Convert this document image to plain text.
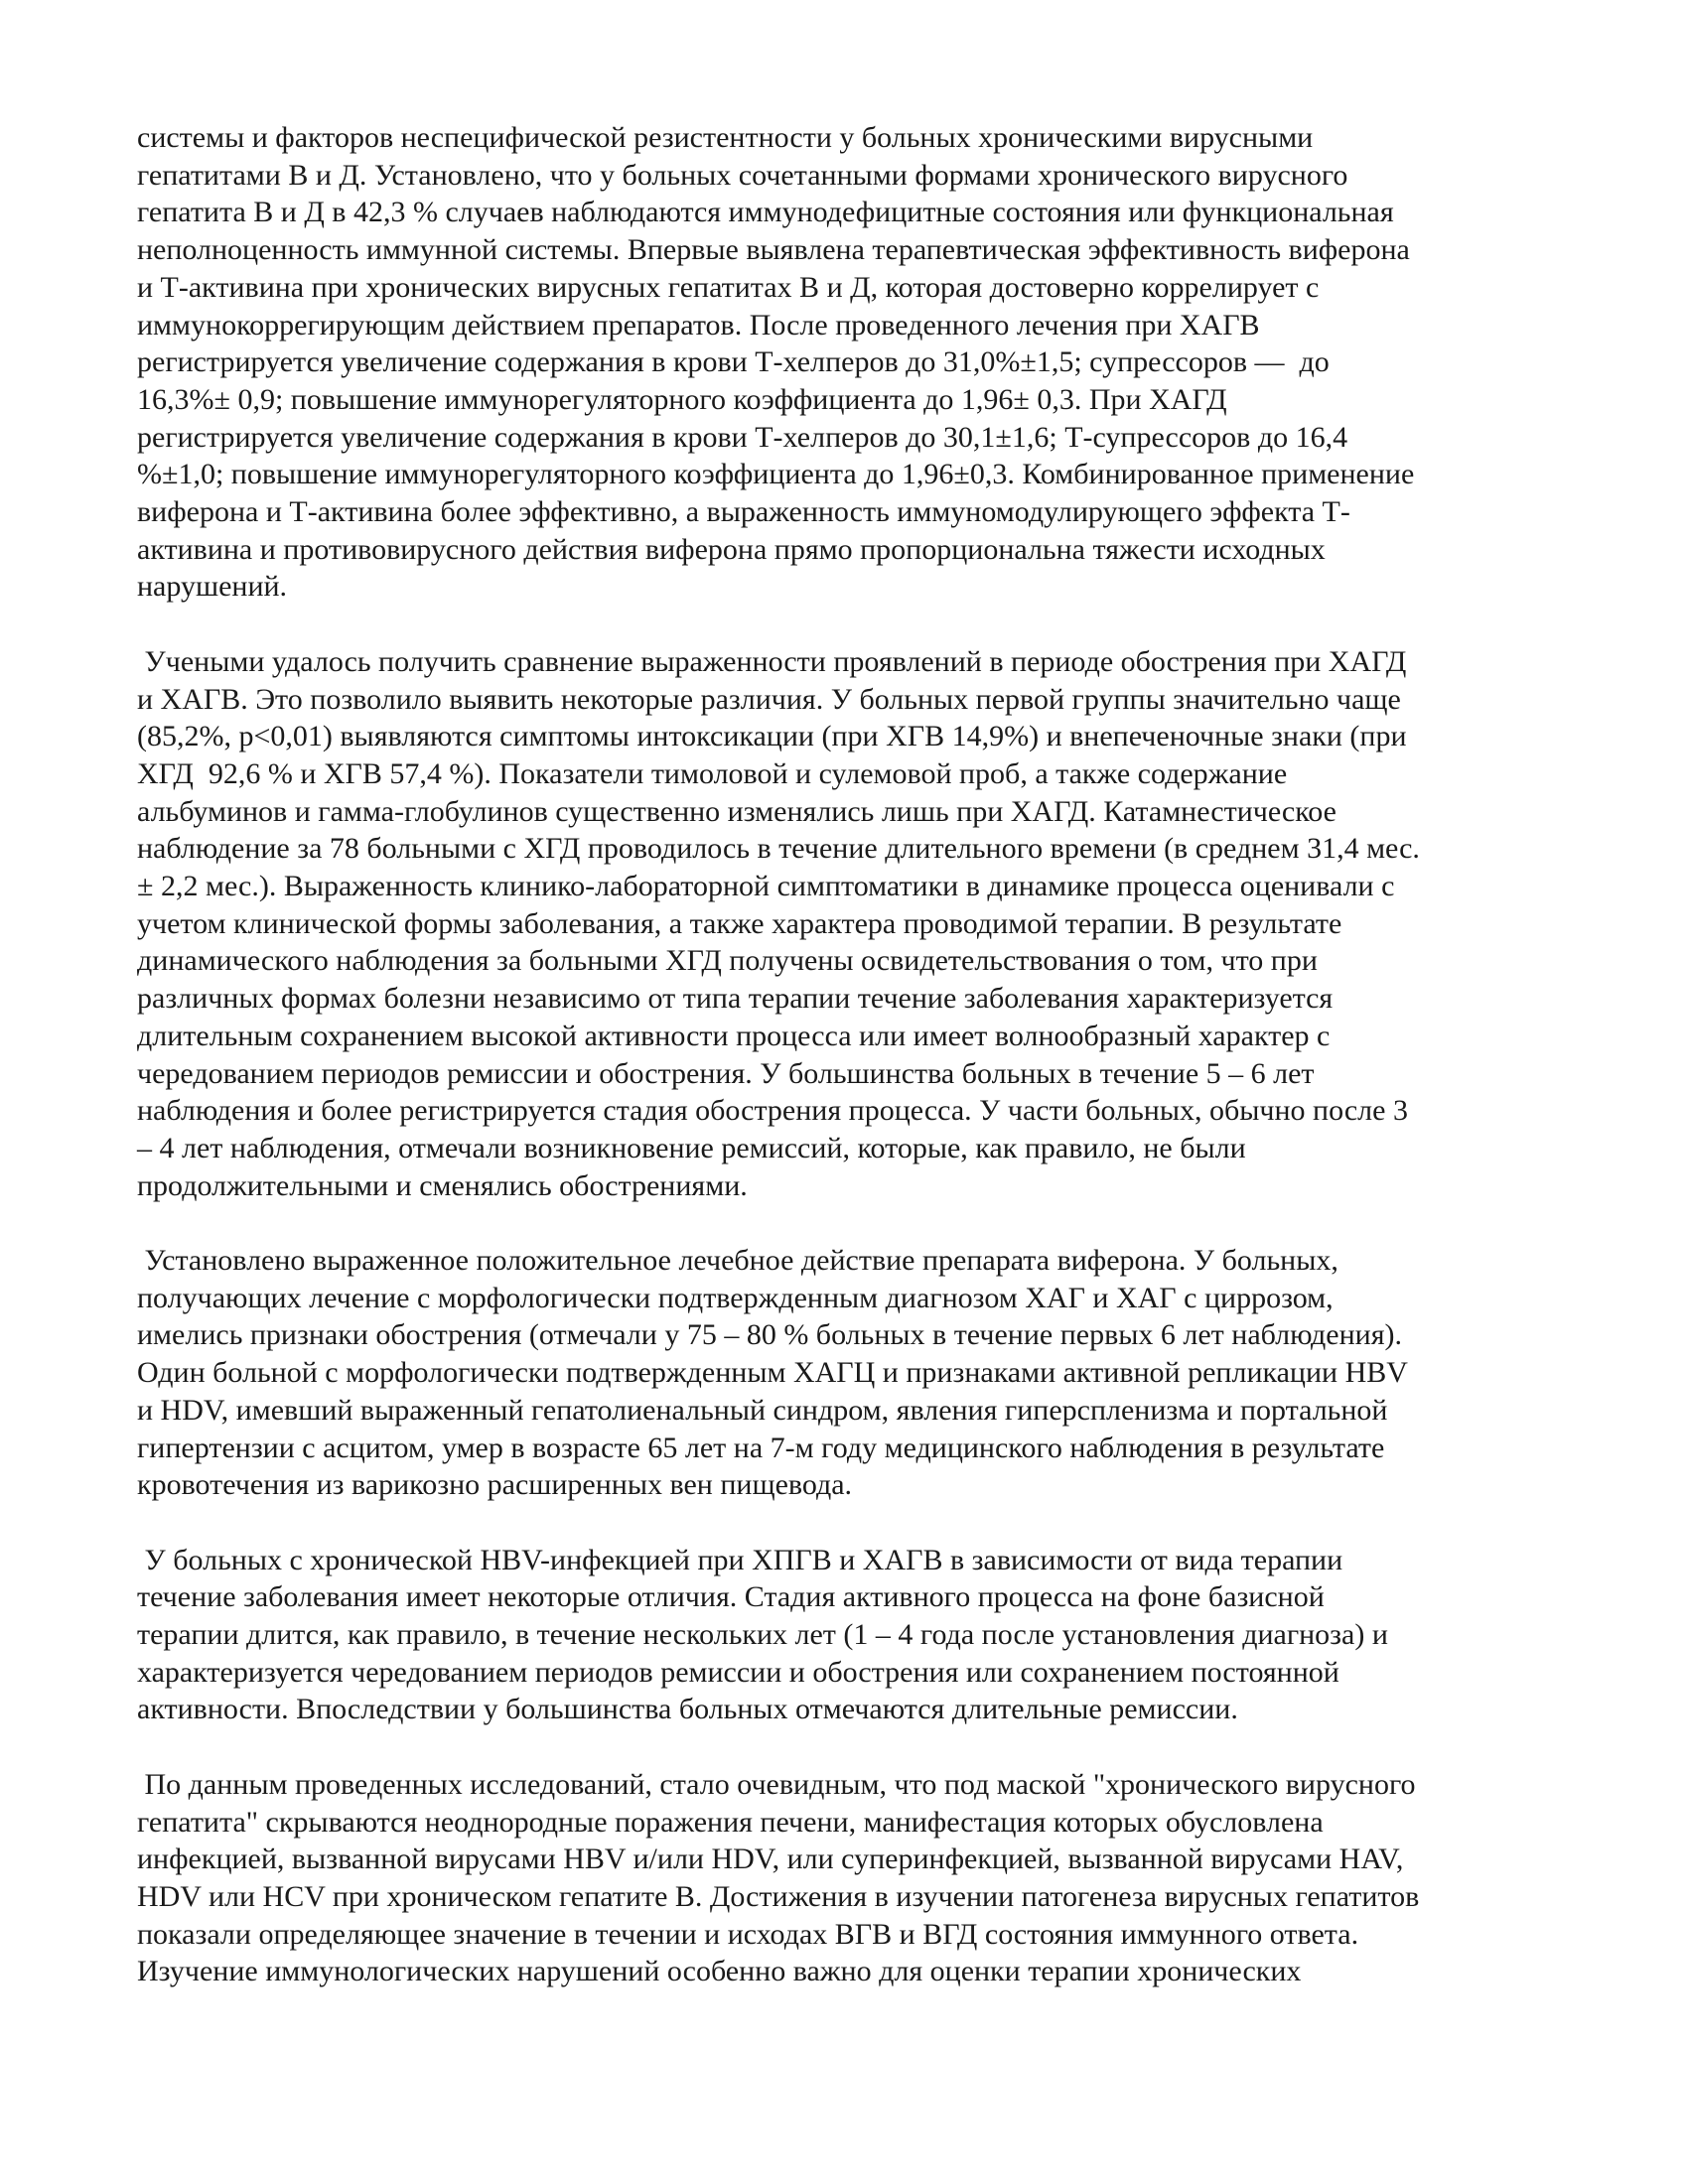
системы и факторов неспецифической резистентности у больных хроническими вирусными
гепатитами В и Д. Установлено, что у больных сочетанными формами хронического вирусного
гепатита В и Д в 42,3 % случаев наблюдаются иммунодефицитные состояния или функциональная
неполноценность иммунной системы. Впервые выявлена терапевтическая эффективность виферона
и Т-активина при хронических вирусных гепатитах В и Д, которая достоверно коррелирует с
иммунокоррегирующим действием препаратов. После проведенного лечения при ХАГВ
регистрируется увеличение содержания в крови Т-хелперов до 31,0%±1,5; супрессоров —  до
16,3%± 0,9; повышение иммунорегуляторного коэффициента до 1,96± 0,3. При ХАГД
регистрируется увеличение содержания в крови Т-хелперов до 30,1±1,6; Т-супрессоров до 16,4
%±1,0; повышение иммунорегуляторного коэффициента до 1,96±0,3. Комбинированное применение
виферона и Т-активина более эффективно, а выраженность иммуномодулирующего эффекта Т-
активина и противовирусного действия виферона прямо пропорциональна тяжести исходных
нарушений.
Учеными удалось получить сравнение выраженности проявлений в периоде обострения при ХАГД
и ХАГВ. Это позволило выявить некоторые различия. У больных первой группы значительно чаще
(85,2%, р<0,01) выявляются симптомы интоксикации (при ХГВ 14,9%) и внепеченочные знаки (при
ХГД  92,6 % и ХГВ 57,4 %). Показатели тимоловой и сулемовой проб, а также содержание
альбуминов и гамма-глобулинов существенно изменялись лишь при ХАГД. Катамнестическое
наблюдение за 78 больными с ХГД проводилось в течение длительного времени (в среднем 31,4 мес.
± 2,2 мес.). Выраженность клинико-лабораторной симптоматики в динамике процесса оценивали с
учетом клинической формы заболевания, а также характера проводимой терапии. В результате
динамического наблюдения за больными ХГД получены освидетельствования о том, что при
различных формах болезни независимо от типа терапии течение заболевания характеризуется
длительным сохранением высокой активности процесса или имеет волнообразный характер с
чередованием периодов ремиссии и обострения. У большинства больных в течение 5 – 6 лет
наблюдения и более регистрируется стадия обострения процесса. У части больных, обычно после 3
– 4 лет наблюдения, отмечали возникновение ремиссий, которые, как правило, не были
продолжительными и сменялись обострениями.
Установлено выраженное положительное лечебное действие препарата виферона. У больных,
получающих лечение с морфологически подтвержденным диагнозом ХАГ и ХАГ с циррозом,
имелись признаки обострения (отмечали у 75 – 80 % больных в течение первых 6 лет наблюдения).
Один больной с морфологически подтвержденным ХАГЦ и признаками активной репликации HBV
и HDV, имевший выраженный гепатолиенальный синдром, явления гиперспленизма и портальной
гипертензии с асцитом, умер в возрасте 65 лет на 7-м году медицинского наблюдения в результате
кровотечения из варикозно расширенных вен пищевода.
У больных с хронической HBV-инфекцией при ХПГВ и ХАГВ в зависимости от вида терапии
течение заболевания имеет некоторые отличия. Стадия активного процесса на фоне базисной
терапии длится, как правило, в течение нескольких лет (1 – 4 года после установления диагноза) и
характеризуется чередованием периодов ремиссии и обострения или сохранением постоянной
активности. Впоследствии у большинства больных отмечаются длительные ремиссии.
По данным проведенных исследований, стало очевидным, что под маской "хронического вирусного
гепатита" скрываются неоднородные поражения печени, манифестация которых обусловлена
инфекцией, вызванной вирусами HBV и/или HDV, или суперинфекцией, вызванной вирусами HAV,
HDV или HCV при хроническом гепатите В. Достижения в изучении патогенеза вирусных гепатитов
показали определяющее значение в течении и исходах ВГВ и ВГД состояния иммунного ответа.
Изучение иммунологических нарушений особенно важно для оценки терапии хронических
